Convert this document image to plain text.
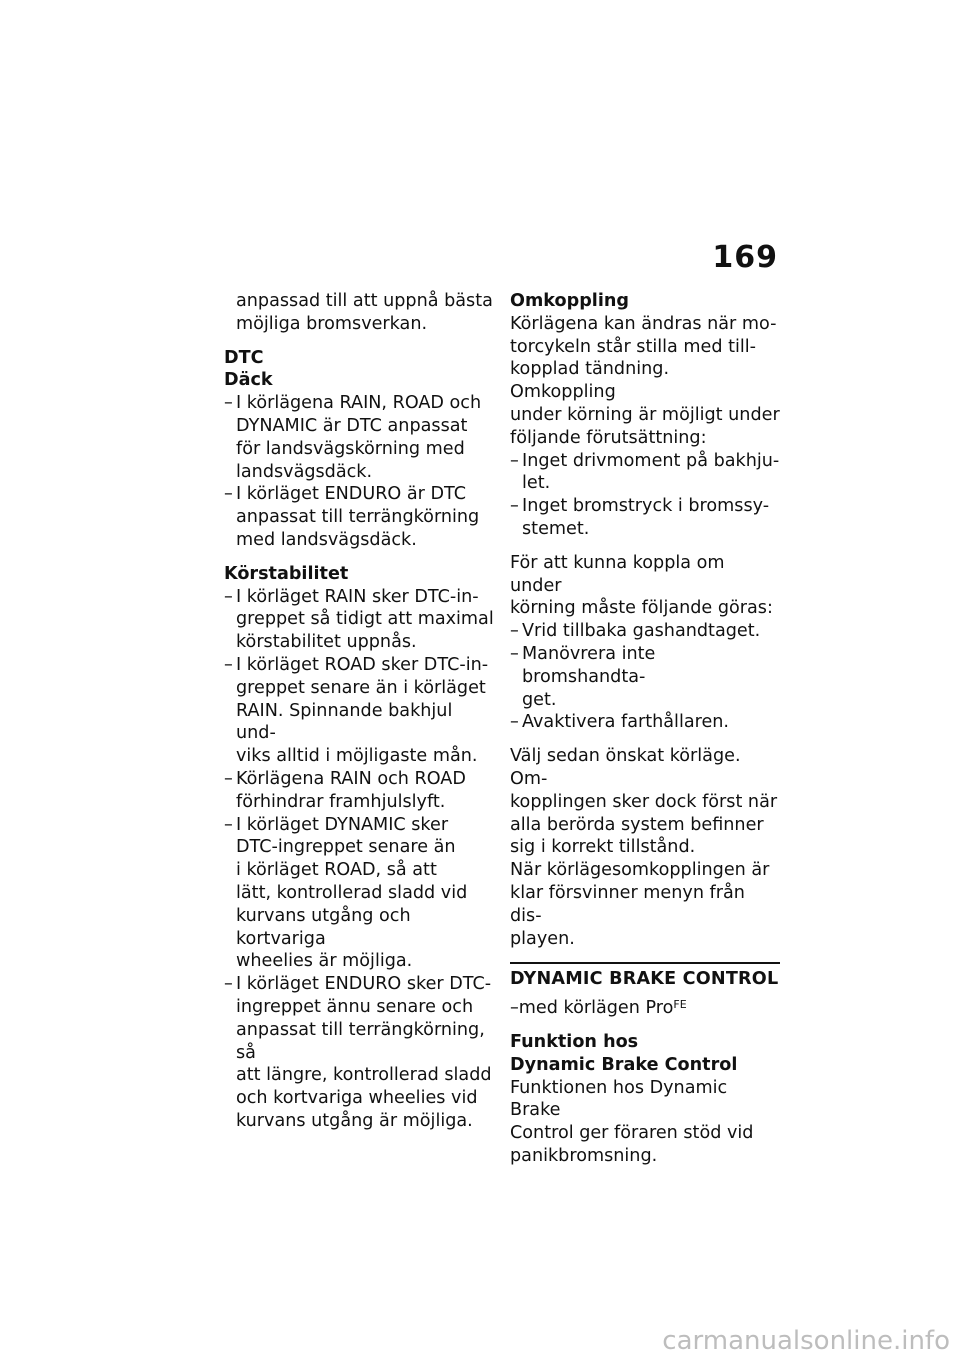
169

anpassad till att uppnå bästa
möjliga bromsverkan.

DTC

Däck

– I körlägena RAIN, ROAD och
DYNAMIC är DTC anpassat
för landsvägskörning med
landsvägsdäck.
– I körläget ENDURO är DTC
anpassat till terrängkörning
med landsvägsdäck.

Körstabilitet

– I körläget RAIN sker DTC-in-
greppet så tidigt att maximal
körstabilitet uppnås.
– I körläget ROAD sker DTC-in-
greppet senare än i körläget
RAIN. Spinnande bakhjul und-
viks alltid i möjligaste mån.
– Körlägena RAIN och ROAD
förhindrar framhjulslyft.
– I körläget DYNAMIC sker
DTC-ingreppet senare än
i körläget ROAD, så att
lätt, kontrollerad sladd vid
kurvans utgång och kortvariga
wheelies är möjliga.
– I körläget ENDURO sker DTC-
ingreppet ännu senare och
anpassat till terrängkörning, så
att längre, kontrollerad sladd
och kortvariga wheelies vid
kurvans utgång är möjliga.

Omkoppling

Körlägena kan ändras när mo-
torcykeln står stilla med till-
kopplad tändning. Omkoppling
under körning är möjligt under
följande förutsättning:

– Inget drivmoment på bakhju-
let.
– Inget bromstryck i bromssy-
stemet.

För att kunna koppla om under
körning måste följande göras:

– Vrid tillbaka gashandtaget.
– Manövrera inte bromshandta-
get.
– Avaktivera farthållaren.

Välj sedan önskat körläge. Om-
kopplingen sker dock först när
alla berörda system befinner
sig i korrekt tillstånd.

När körlägesomkopplingen är
klar försvinner menyn från dis-
playen.

DYNAMIC BRAKE CONTROL

–med körlägen Pro$^{FE}$

Funktion hos
Dynamic Brake Control

Funktionen hos Dynamic Brake
Control ger föraren stöd vid
panikbromsning.

carmanualsonline.info
